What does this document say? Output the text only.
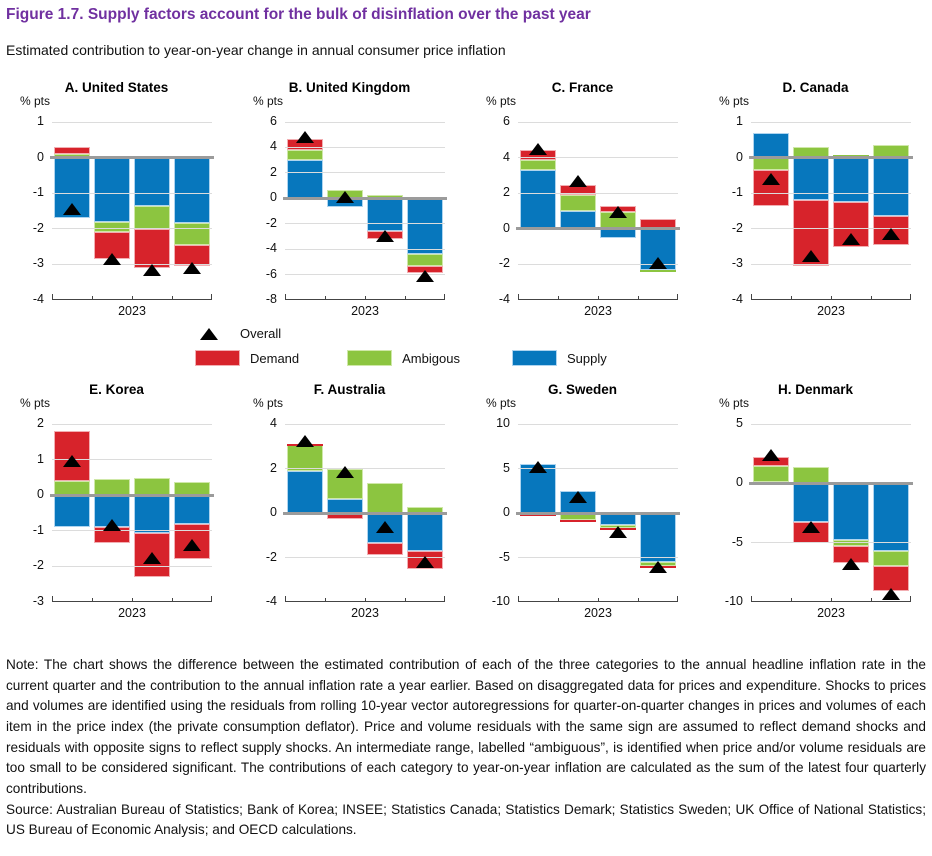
Figure 1.7. Supply factors account for the bulk of disinflation over the past year
Estimated contribution to year-on-year change in annual consumer price inflation
A. United States
% pts
1
0
-1
-2
-3
-4
2023
B. United Kingdom
% pts
6
4
2
0
-2
-4
-6
-8
2023
C. France
% pts
6
4
2
0
-2
-4
2023
D. Canada
% pts
1
0
-1
-2
-3
-4
2023
Overall
Demand	Ambigous	Supply
E. Korea
% pts
2
1
0
-1
-2
-3
2023
F. Australia
% pts
4
2
0
-2
-4
2023
G. Sweden
% pts
10
5
0
-5
-10
2023
H. Denmark
% pts
5
0
-5
-10
2023

Note: The chart shows the difference between the estimated contribution of each of the three categories to the annual headline inflation rate in the current quarter and the contribution to the annual inflation rate a year earlier. Based on disaggregated data for prices and expenditure. Shocks to prices and volumes are identified using the residuals from rolling 10-year vector autoregressions for quarter-on-quarter changes in prices and volumes of each item in the price index (the private consumption deflator). Price and volume residuals with the same sign are assumed to reflect demand shocks and residuals with opposite signs to reflect supply shocks. An intermediate range, labelled “ambiguous”, is identified when price and/or volume residuals are too small to be considered significant. The contributions of each category to year-on-year inflation are calculated as the sum of the latest four quarterly contributions.

Source: Australian Bureau of Statistics; Bank of Korea; INSEE; Statistics Canada; Statistics Demark; Statistics Sweden; UK Office of National Statistics; US Bureau of Economic Analysis; and OECD calculations.
